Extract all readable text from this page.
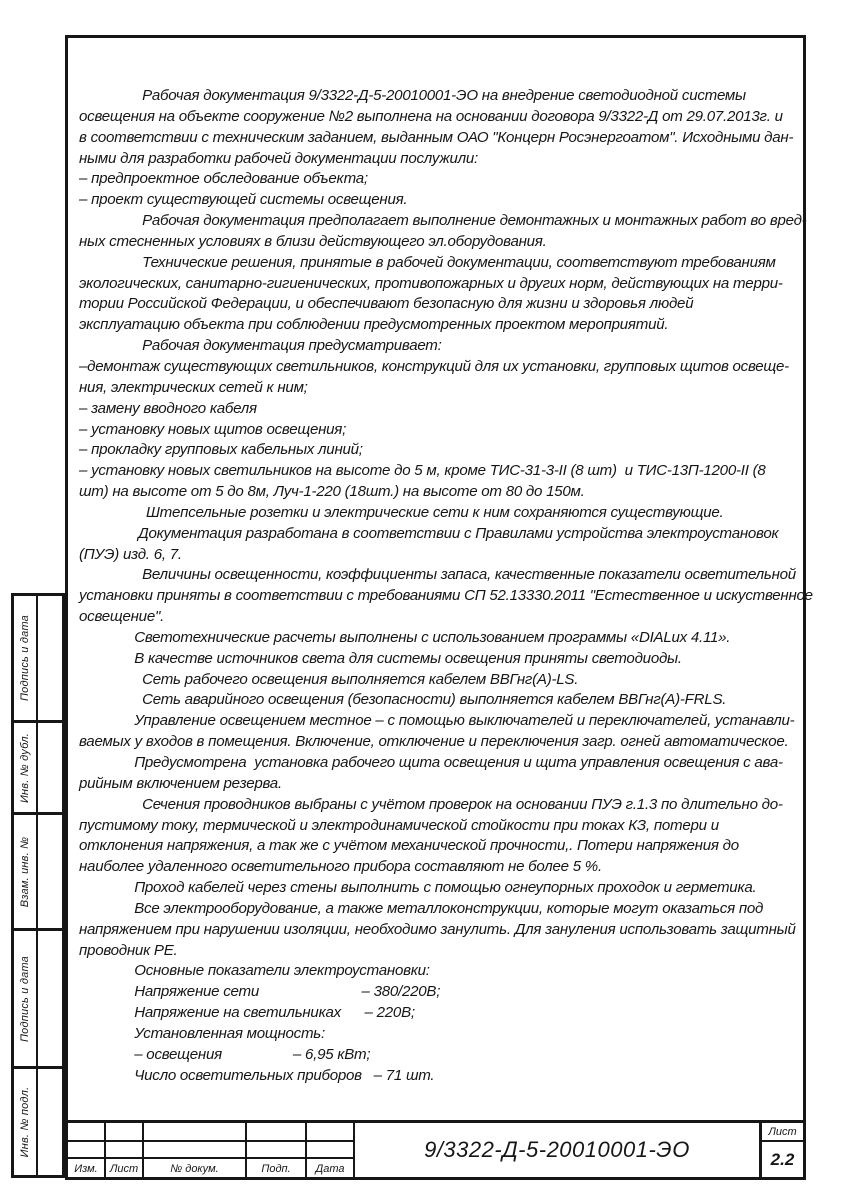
Рабочая документация 9/3322-Д-5-20010001-ЭО на внедрение светодиодной системы
освещения на объекте сооружение №2 выполнена на основании договора 9/3322-Д от 29.07.2013г. и
в соответствии с техническим заданием, выданным ОАО "Концерн Росэнергоатом". Исходными дан-
ными для разработки рабочей документации послужили:
– предпроектное обследование объекта;
– проект существующей системы освещения.
Рабочая документация предполагает выполнение демонтажных и монтажных работ во вред-
ных стесненных условиях в близи действующего эл.оборудования.
Технические решения, принятые в рабочей документации, соответствуют требованиям
экологических, санитарно-гигиенических, противопожарных и других норм, действующих на терри-
тории Российской Федерации, и обеспечивают безопасную для жизни и здоровья людей
эксплуатацию объекта при соблюдении предусмотренных проектом мероприятий.
Рабочая документация предусматривает:
–демонтаж существующих светильников, конструкций для их установки, групповых щитов освеще-
ния, электрических сетей к ним;
– замену вводного кабеля
– установку новых щитов освещения;
– прокладку групповых кабельных линий;
– установку новых светильников на высоте до 5 м, кроме ТИС-31-3-II (8 шт)  и ТИС-13П-1200-II (8
шт) на высоте от 5 до 8м, Луч-1-220 (18шт.) на высоте от 80 до 150м.
Штепсельные розетки и электрические сети к ним сохраняются существующие.
Документация разработана в соответствии с Правилами устройства электроустановок
(ПУЭ) изд. 6, 7.
Величины освещенности, коэффициенты запаса, качественные показатели осветительной
установки приняты в соответствии с требованиями СП 52.13330.2011 "Естественное и искуственное
освещение".
Светотехнические расчеты выполнены с использованием программы «DIALux 4.11».
В качестве источников света для системы освещения приняты светодиоды.
Сеть рабочего освещения выполняется кабелем ВВГнг(А)-LS.
Сеть аварийного освещения (безопасности) выполняется кабелем ВВГнг(А)-FRLS.
Управление освещением местное – с помощью выключателей и переключателей, устанавли-
ваемых у входов в помещения. Включение, отключение и переключения загр. огней автоматическое.
Предусмотрена  установка рабочего щита освещения и щита управления освещения с ава-
рийным включением резерва.
Сечения проводников выбраны с учётом проверок на основании ПУЭ г.1.3 по длительно до-
пустимому току, термической и электродинамической стойкости при токах КЗ, потери и
отклонения напряжения, а так же с учётом механической прочности,. Потери напряжения до
наиболее удаленного осветительного прибора составляют не более 5 %.
Проход кабелей через стены выполнить с помощью огнеупорных проходок и герметика.
Все электрооборудование, а также металлоконструкции, которые могут оказаться под
напряжением при нарушении изоляции, необходимо занулить. Для зануления использовать защитный
проводник PE.
Основные показатели электроустановки:
Напряжение сети                          – 380/220В;
Напряжение на светильниках      – 220В;
Установленная мощность:
– освещения                  – 6,95 кВт;
Число осветительных приборов   – 71 шт.
Подпись и дата
Инв. № дубл.
Взам. инв. №
Подпись и дата
Инв. № подл.
Изм.	Лист	№ докум.	Подп.	Дата
9/3322-Д-5-20010001-ЭО
Лист
2.2
